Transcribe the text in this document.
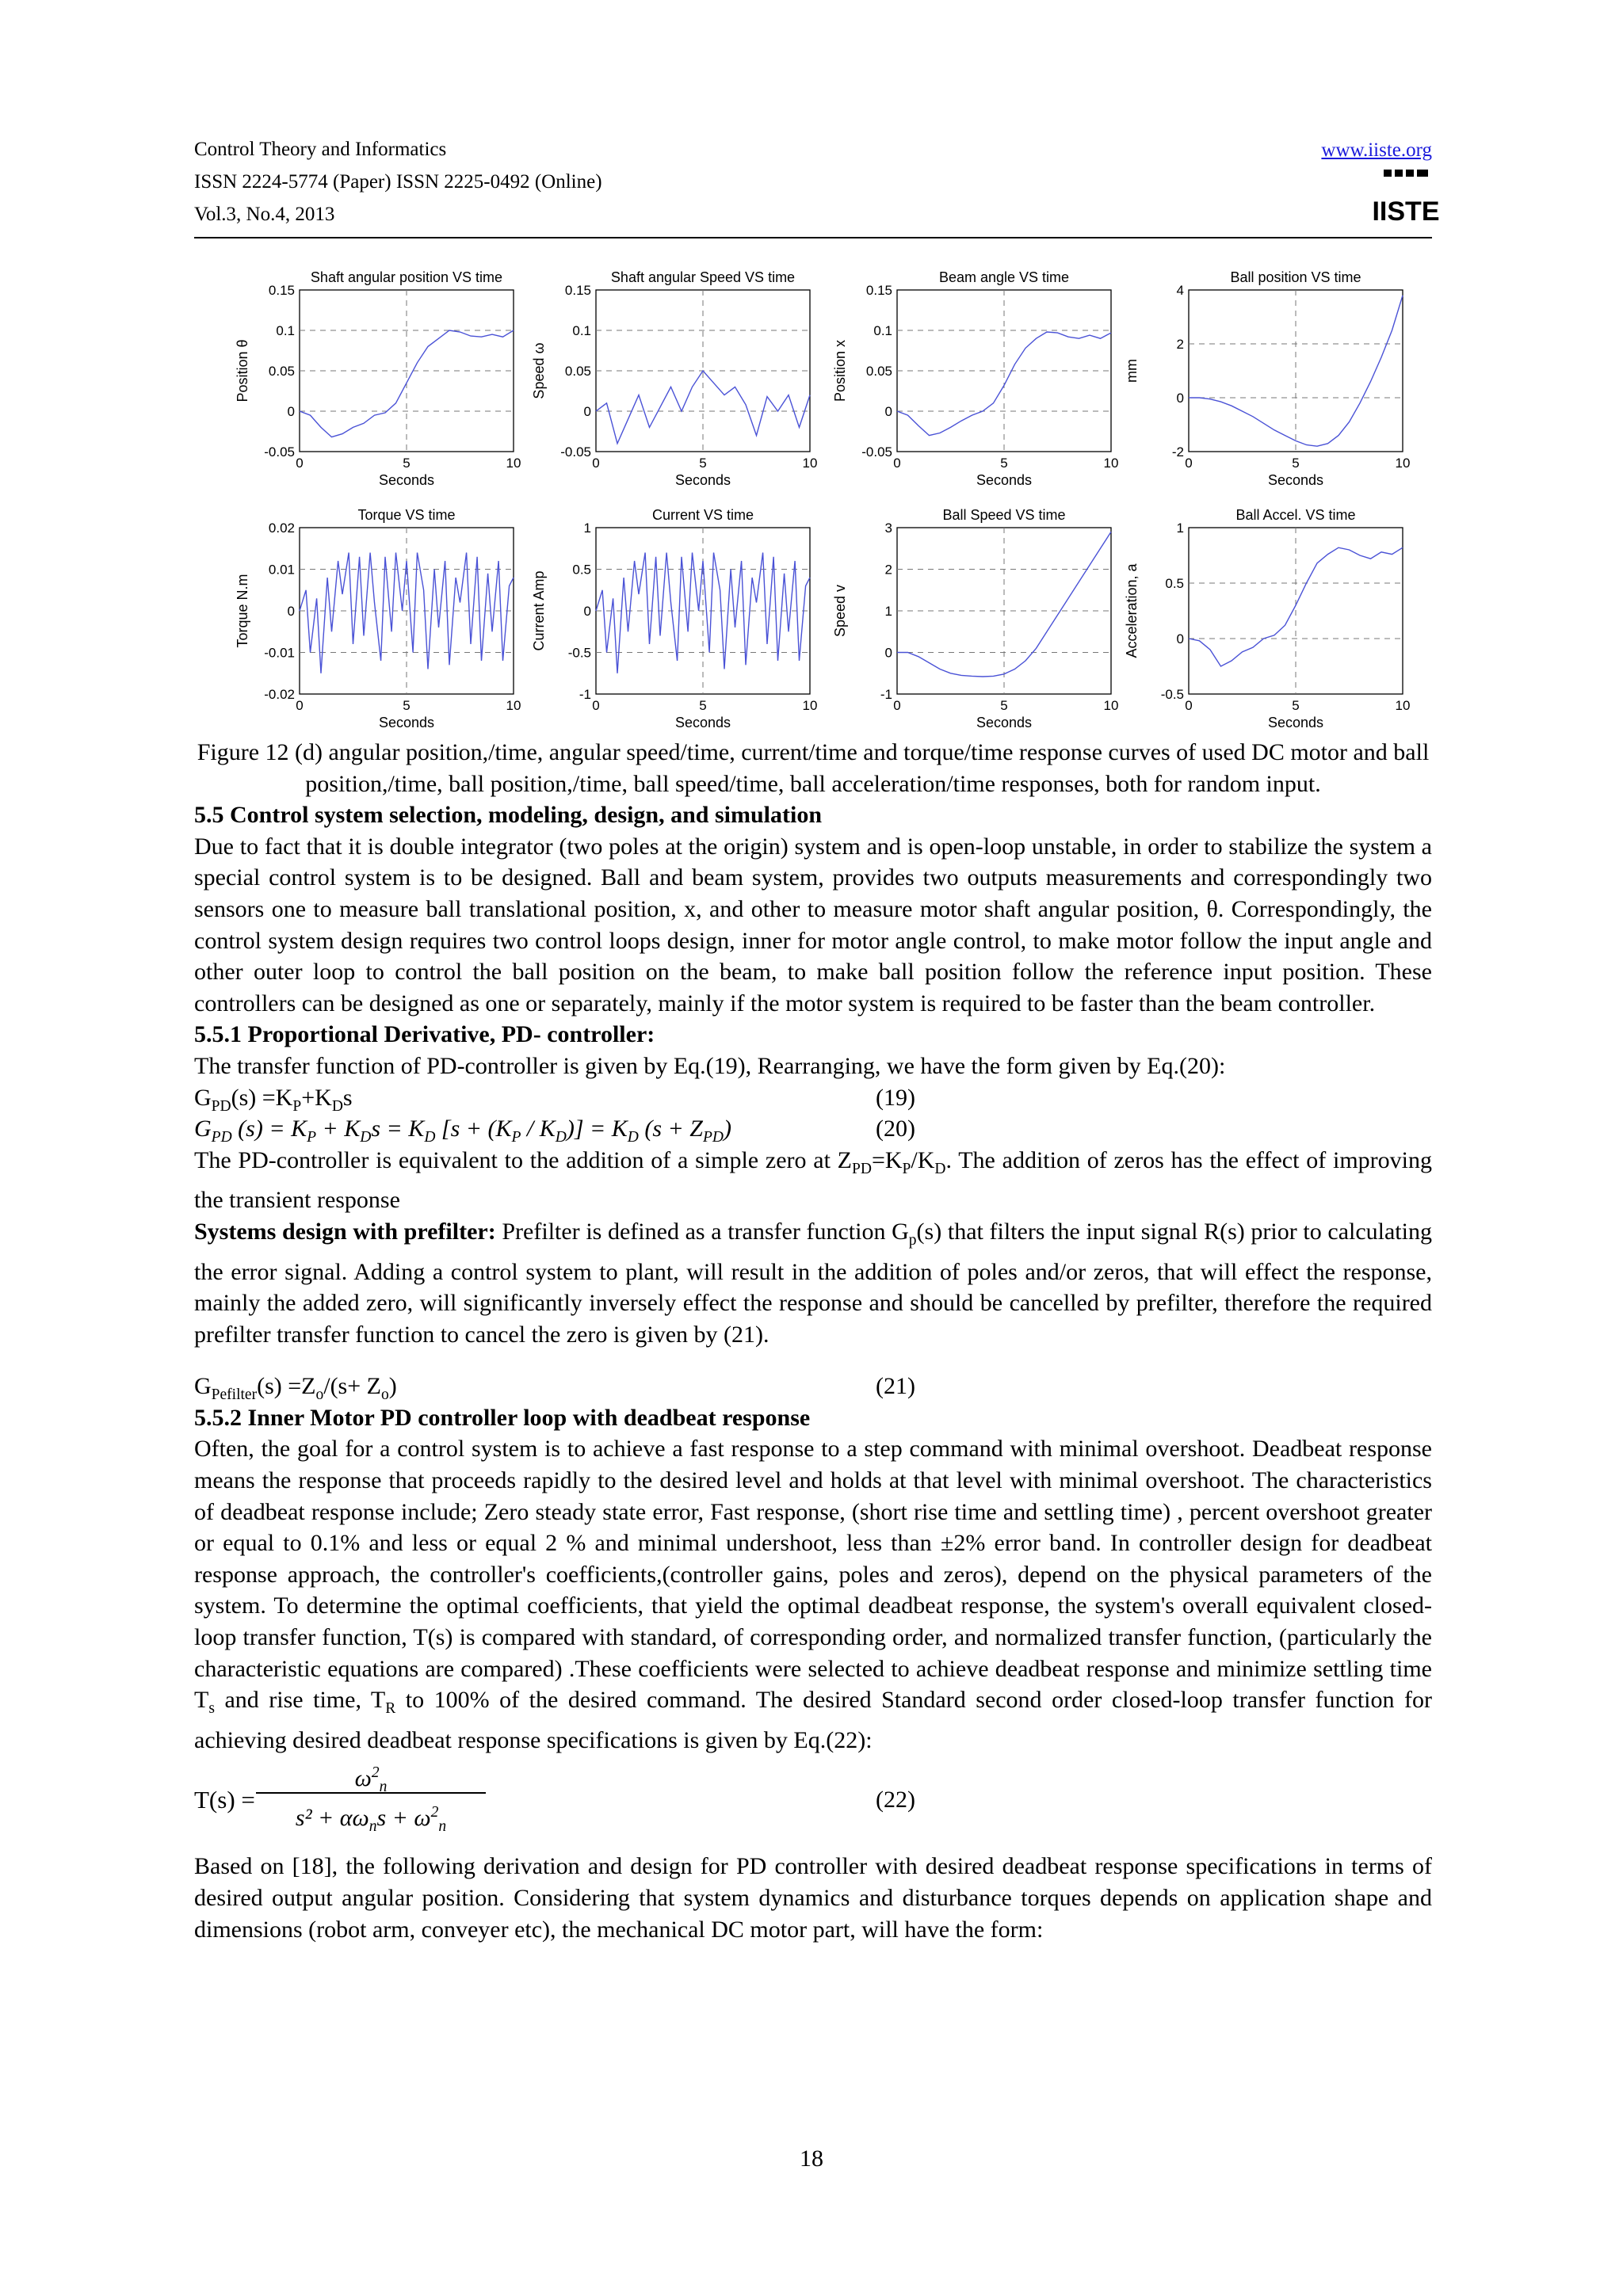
Control Theory and Informatics
ISSN 2224-5774 (Paper) ISSN 2225-0492 (Online)
Vol.3, No.4, 2013
www.iiste.org
IISTE
0.15
0.1
0.05
0
-0.05
0	5	10
Shaft angular position VS time
Seconds
Position θ
0.15
0.1
0.05
0
-0.05
0	5	10
Shaft angular Speed VS time
Seconds
Speed ω
0.15
0.1
0.05
0
-0.05
0	5	10
Beam angle VS time
Seconds
Position x
4
2
0
-2
0	5	10
Ball position VS time
Seconds
mm
0.02
0.01
0
-0.01
-0.02
0	5	10
Torque VS time
Seconds
Torque N.m
1
0.5
0
-0.5
-1
0	5	10
Current VS time
Seconds
Current Amp
3
2
1
0
-1
0	5	10
Ball Speed VS time
Seconds
Speed v
1
0.5
0
-0.5
0	5	10
Ball Accel. VS time
Seconds
Acceleration, a

Figure 12 (d) angular position,/time, angular speed/time, current/time and torque/time response curves of used DC motor and ball position,/time, ball position,/time, ball speed/time, ball acceleration/time responses, both for random input.

5.5 Control system selection, modeling, design, and simulation

Due to fact that it is double integrator (two poles at the origin) system and is open-loop unstable, in order to stabilize the system a special control system is to be designed. Ball and beam system, provides two outputs measurements and correspondingly two sensors one to measure ball translational position, x, and other to measure motor shaft angular position, θ. Correspondingly, the control system design requires two control loops design, inner for motor angle control, to make motor follow the input angle and other outer loop to control the ball position on the beam, to make ball position follow the reference input position. These controllers can be designed as one or separately, mainly if the motor system is required to be faster than the beam controller.

5.5.1 Proportional Derivative, PD- controller:

The transfer function of PD-controller is given by Eq.(19), Rearranging, we have the form given by Eq.(20):

$G_{PD}(s) =K_P+K_Ds$	(19)
$G_{PD}$ $(s) = K_P + K_Ds = K_D$ $[s + (K_P / K_D)] = K_D$ $(s + Z_{PD})$	(20)

The PD-controller is equivalent to the addition of a simple zero at $Z_{PD}=K_P/K_D$. The addition of zeros has the effect of improving the transient response

Systems design with prefilter: Prefilter is defined as a transfer function $G_p(s)$ that filters the input signal R(s) prior to calculating the error signal. Adding a control system to plant, will result in the addition of poles and/or zeros, that will effect the response, mainly the added zero, will significantly inversely effect the response and should be cancelled by prefilter, therefore the required prefilter transfer function to cancel the zero is given by (21).

$G_{Pefilter}(s) =Z_o/(s+ Z_o)$	(21)

5.5.2 Inner Motor PD controller loop with deadbeat response

Often, the goal for a control system is to achieve a fast response to a step command with minimal overshoot. Deadbeat response means the response that proceeds rapidly to the desired level and holds at that level with minimal overshoot. The characteristics of deadbeat response include; Zero steady state error, Fast response, (short rise time and settling time) , percent overshoot greater or equal to 0.1% and less or equal 2 % and minimal undershoot, less than ±2% error band. In controller design for deadbeat response approach, the controller's coefficients,(controller gains, poles and zeros), depend on the physical parameters of the system. To determine the optimal coefficients, that yield the optimal deadbeat response, the system's overall equivalent closed-loop transfer function, T(s) is compared with standard, of corresponding order, and normalized transfer function, (particularly the characteristic equations are compared) .These coefficients were selected to achieve deadbeat response and minimize settling time $T_s$ and rise time, $T_R$ to 100% of the desired command. The desired Standard second order closed-loop transfer function for achieving desired deadbeat response specifications is given by Eq.(22):

T(s) =
$\omega^2_n$
$s^2 + \alpha\omega_ns + \omega^2_n$
(22)

Based on [18], the following derivation and design for PD controller with desired deadbeat response specifications in terms of desired output angular position. Considering that system dynamics and disturbance torques depends on application shape and dimensions (robot arm, conveyer etc), the mechanical DC motor part, will have the form:

18
